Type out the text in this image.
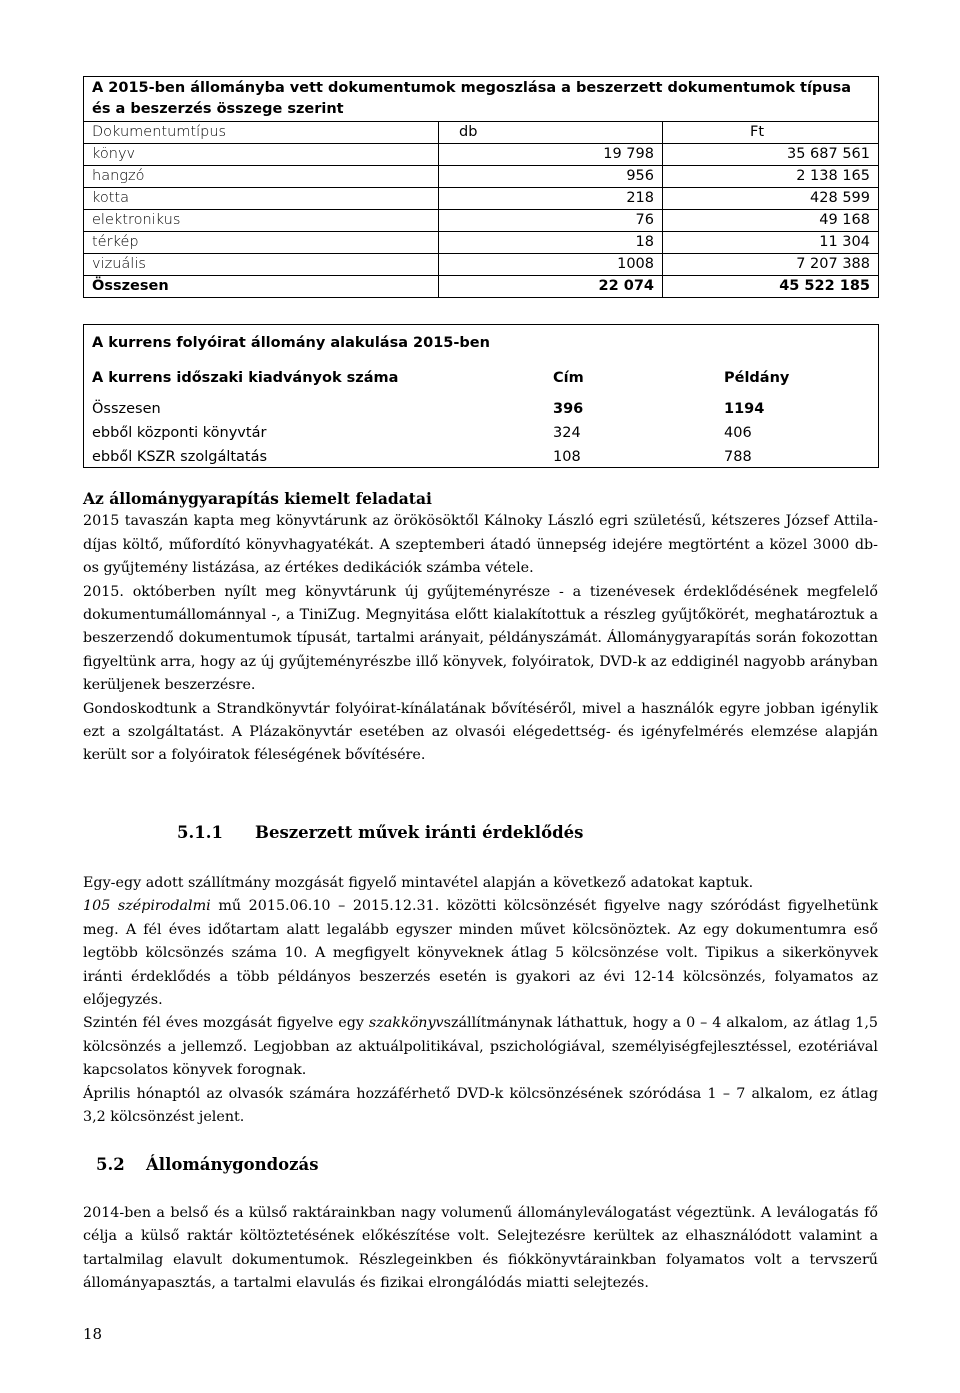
A 2015-ben állományba vett dokumentumok megoszlása a beszerzett dokumentumok típusa és a beszerzés összege szerint		
Dokumentumtípus	db	Ft
könyv	19 798	35 687 561
hangzó	956	2 138 165
kotta	218	428 599
elektronikus	76	49 168
térkép	18	11 304
vizuális	1008	7 207 388
Összesen	22 074	45 522 185
A kurrens folyóirat állomány alakulása 2015-ben
A kurrens időszaki kiadványok száma	Cím	Példány
Összesen	396	1194
ebből központi könyvtár	324	406
ebből KSZR szolgáltatás	108	788

Az állománygyarapítás kiemelt feladatai

2015 tavaszán kapta meg könyvtárunk az örökösöktől Kálnoky László egri születésű, kétszeres József Attila-díjas költő, műfordító könyvhagyatékát. A szeptemberi átadó ünnepség idejére megtörtént a közel 3000 db-os gyűjtemény listázása, az értékes dedikációk számba vétele.

2015. októberben nyílt meg könyvtárunk új gyűjteményrésze - a tizenévesek érdeklődésének megfelelő dokumentumállománnyal -, a TiniZug. Megnyitása előtt kialakítottuk a részleg gyűjtőkörét, meghatároztuk a beszerzendő dokumentumok típusát, tartalmi arányait, példányszámát. Állománygyarapítás során fokozottan figyeltünk arra, hogy az új gyűjteményrészbe illő könyvek, folyóiratok, DVD-k az eddiginél nagyobb arányban kerüljenek beszerzésre.

Gondoskodtunk a Strandkönyvtár folyóirat-kínálatának bővítéséről, mivel a használók egyre jobban igénylik ezt a szolgáltatást. A Plázakönyvtár esetében az olvasói elégedettség- és igényfelmérés elemzése alapján került sor a folyóiratok féleségének bővítésére.

5.1.1 Beszerzett művek iránti érdeklődés

Egy-egy adott szállítmány mozgását figyelő mintavétel alapján a következő adatokat kaptuk.

105 szépirodalmi mű 2015.06.10 – 2015.12.31. közötti kölcsönzését figyelve nagy szóródást figyelhetünk meg. A fél éves időtartam alatt legalább egyszer minden művet kölcsönöztek. Az egy dokumentumra eső legtöbb kölcsönzés száma 10. A megfigyelt könyveknek átlag 5 kölcsönzése volt. Tipikus a sikerkönyvek iránti érdeklődés a több példányos beszerzés esetén is gyakori az évi 12-14 kölcsönzés, folyamatos az előjegyzés.

Szintén fél éves mozgását figyelve egy szakkönyvszállítmánynak láthattuk, hogy a 0 – 4 alkalom, az átlag 1,5 kölcsönzés a jellemző. Legjobban az aktuálpolitikával, pszichológiával, személyiségfejlesztéssel, ezotériával kapcsolatos könyvek forognak.

Április hónaptól az olvasók számára hozzáférhető DVD-k kölcsönzésének szóródása 1 – 7 alkalom, ez átlag 3,2 kölcsönzést jelent.

5.2 Állománygondozás

2014-ben a belső és a külső raktárainkban nagy volumenű állományleválogatást végeztünk. A leválogatás fő célja a külső raktár költöztetésének előkészítése volt. Selejtezésre kerültek az elhasználódott valamint a tartalmilag elavult dokumentumok. Részlegeinkben és fiókkönyvtárainkban folyamatos volt a tervszerű állományapasztás, a tartalmi elavulás és fizikai elrongálódás miatti selejtezés.

18
